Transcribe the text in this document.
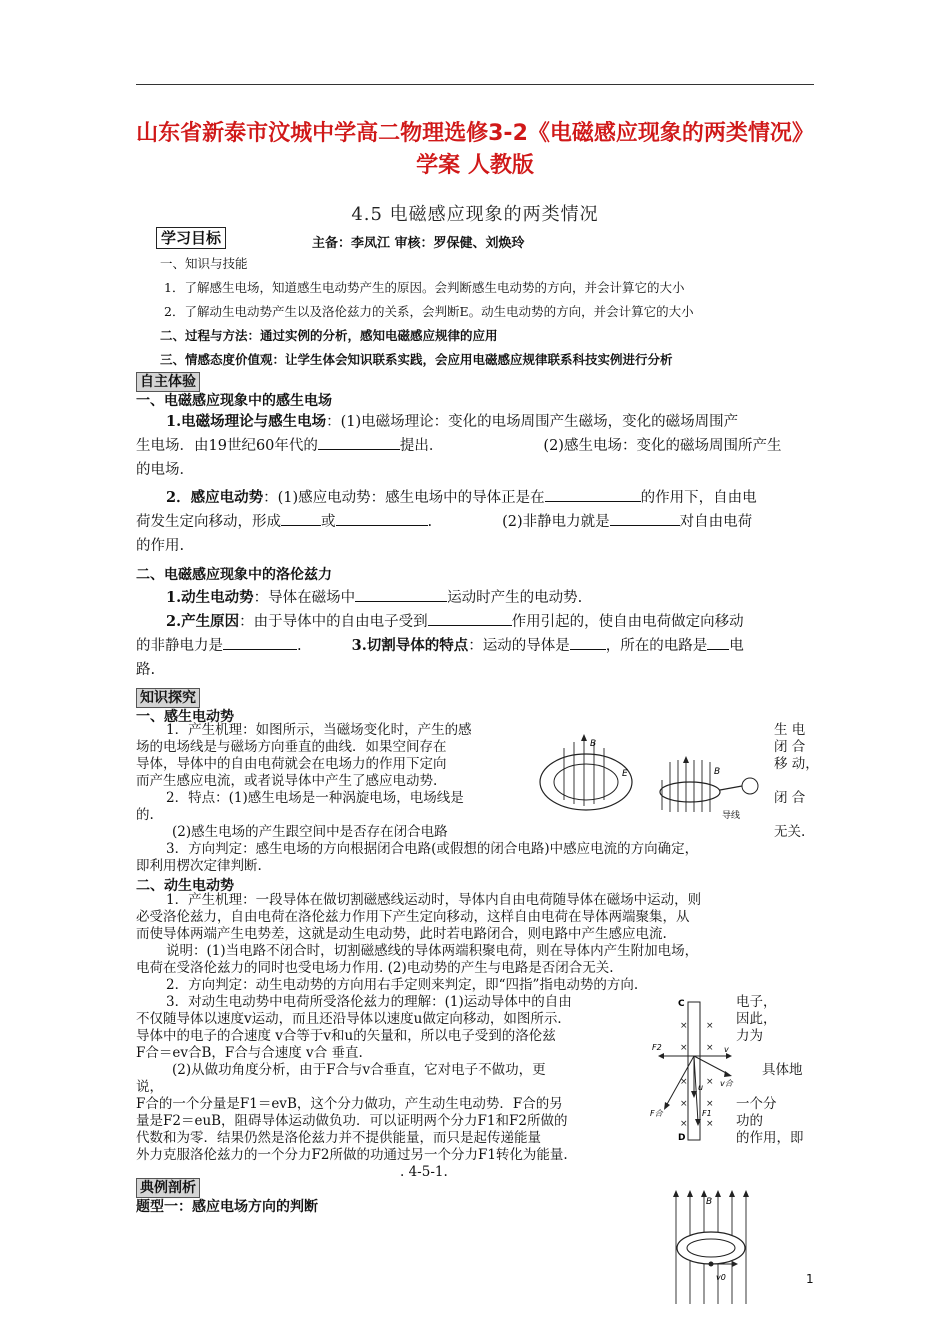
山东省新泰市汶城中学高二物理选修3-2《电磁感应现象的两类情况》
学案 人教版
4.5 电磁感应现象的两类情况
学习目标	主备：李凤江 审核：罗保健、刘焕玲
一、知识与技能
1．了解感生电场，知道感生电动势产生的原因。会判断感生电动势的方向，并会计算它的大小
2．了解动生电动势产生以及洛伦兹力的关系，会判断E。动生电动势的方向，并会计算它的大小
二、过程与方法：通过实例的分析，感知电磁感应规律的应用
三、情感态度价值观：让学生体会知识联系实践，会应用电磁感应规律联系科技实例进行分析
自主体验
一、电磁感应现象中的感生电场
1.电磁场理论与感生电场：(1)电磁场理论：变化的电场周围产生磁场，变化的磁场周围产
生电场．由19世纪60年代的	提出．	(2)感生电场：变化的磁场周围所产生
的电场．
2．感应电动势：(1)感应电动势：感生电场中的导体正是在	的作用下，自由电
荷发生定向移动，形成	或	.	(2)非静电力就是	对自由电荷
的作用.
二、电磁感应现象中的洛伦兹力
1.动生电动势：导体在磁场中	运动时产生的电动势.
2.产生原因：由于导体中的自由电子受到	作用引起的，使自由电荷做定向移动
的非静电力是	.	3.切割导体的特点：运动的导体是 ，所在的电路是 电
路.
知识探究
一、感生电动势
1．产生机理：如图所示，当磁场变化时，产生的感	生 电
场的电场线是与磁场方向垂直的曲线．如果空间存在	闭 合
导体，导体中的自由电荷就会在电场力的作用下定向	移 动，
而产生感应电流，或者说导体中产生了感应电动势.
2．特点：(1)感生电场是一种涡旋电场，电场线是	闭 合
的.
(2)感生电场的产生跟空间中是否存在闭合电路	无关.
3．方向判定：感生电场的方向根据闭合电路(或假想的闭合电路)中感应电流的方向确定，
即利用楞次定律判断.
B
E	B
导线
二、动生电动势
1．产生机理：一段导体在做切割磁感线运动时，导体内自由电荷随导体在磁场中运动，则
必受洛伦兹力，自由电荷在洛伦兹力作用下产生定向移动，这样自由电荷在导体两端聚集，从
而使导体两端产生电势差，这就是动生电动势，此时若电路闭合，则电路中产生感应电流.
说明：(1)当电路不闭合时，切割磁感线的导体两端积聚电荷，则在导体内产生附加电场，
电荷在受洛伦兹力的同时也受电场力作用. (2)电动势的产生与电路是否闭合无关.
2．方向判定：动生电动势的方向用右手定则来判定，即“四指”指电动势的方向.
3．对动生电动势中电荷所受洛伦兹力的理解：(1)运动导体中的自由	电子，
不仅随导体以速度v运动，而且还沿导体以速度u做定向移动，如图所示．	因此，
导体中的电子的合速度 v合等于v和u的矢量和，所以电子受到的洛伦兹	力为
F合＝ev合B，F合与合速度 v合 垂直.
(2)从做功角度分析，由于F合与v合垂直，它对电子不做功，更	具体地
说，
F合的一个分量是F1＝evB，这个分力做功，产生动生电动势．F合的另	一个分
量是F2＝euB，阻碍导体运动做负功．可以证明两个分力F1和F2所做的	功的
代数和为零．结果仍然是洛伦兹力并不提供能量，而只是起传递能量	的作用，即
外力克服洛伦兹力的一个分力F2所做的功通过另一个分力F1转化为能量.
. 4-5-1.
C
× ×
× ×
× ×
× ×
× ×
F2
F合	F1
v
v合
u
D
典例剖析
题型一：感应电场方向的判断	B
v0	1
